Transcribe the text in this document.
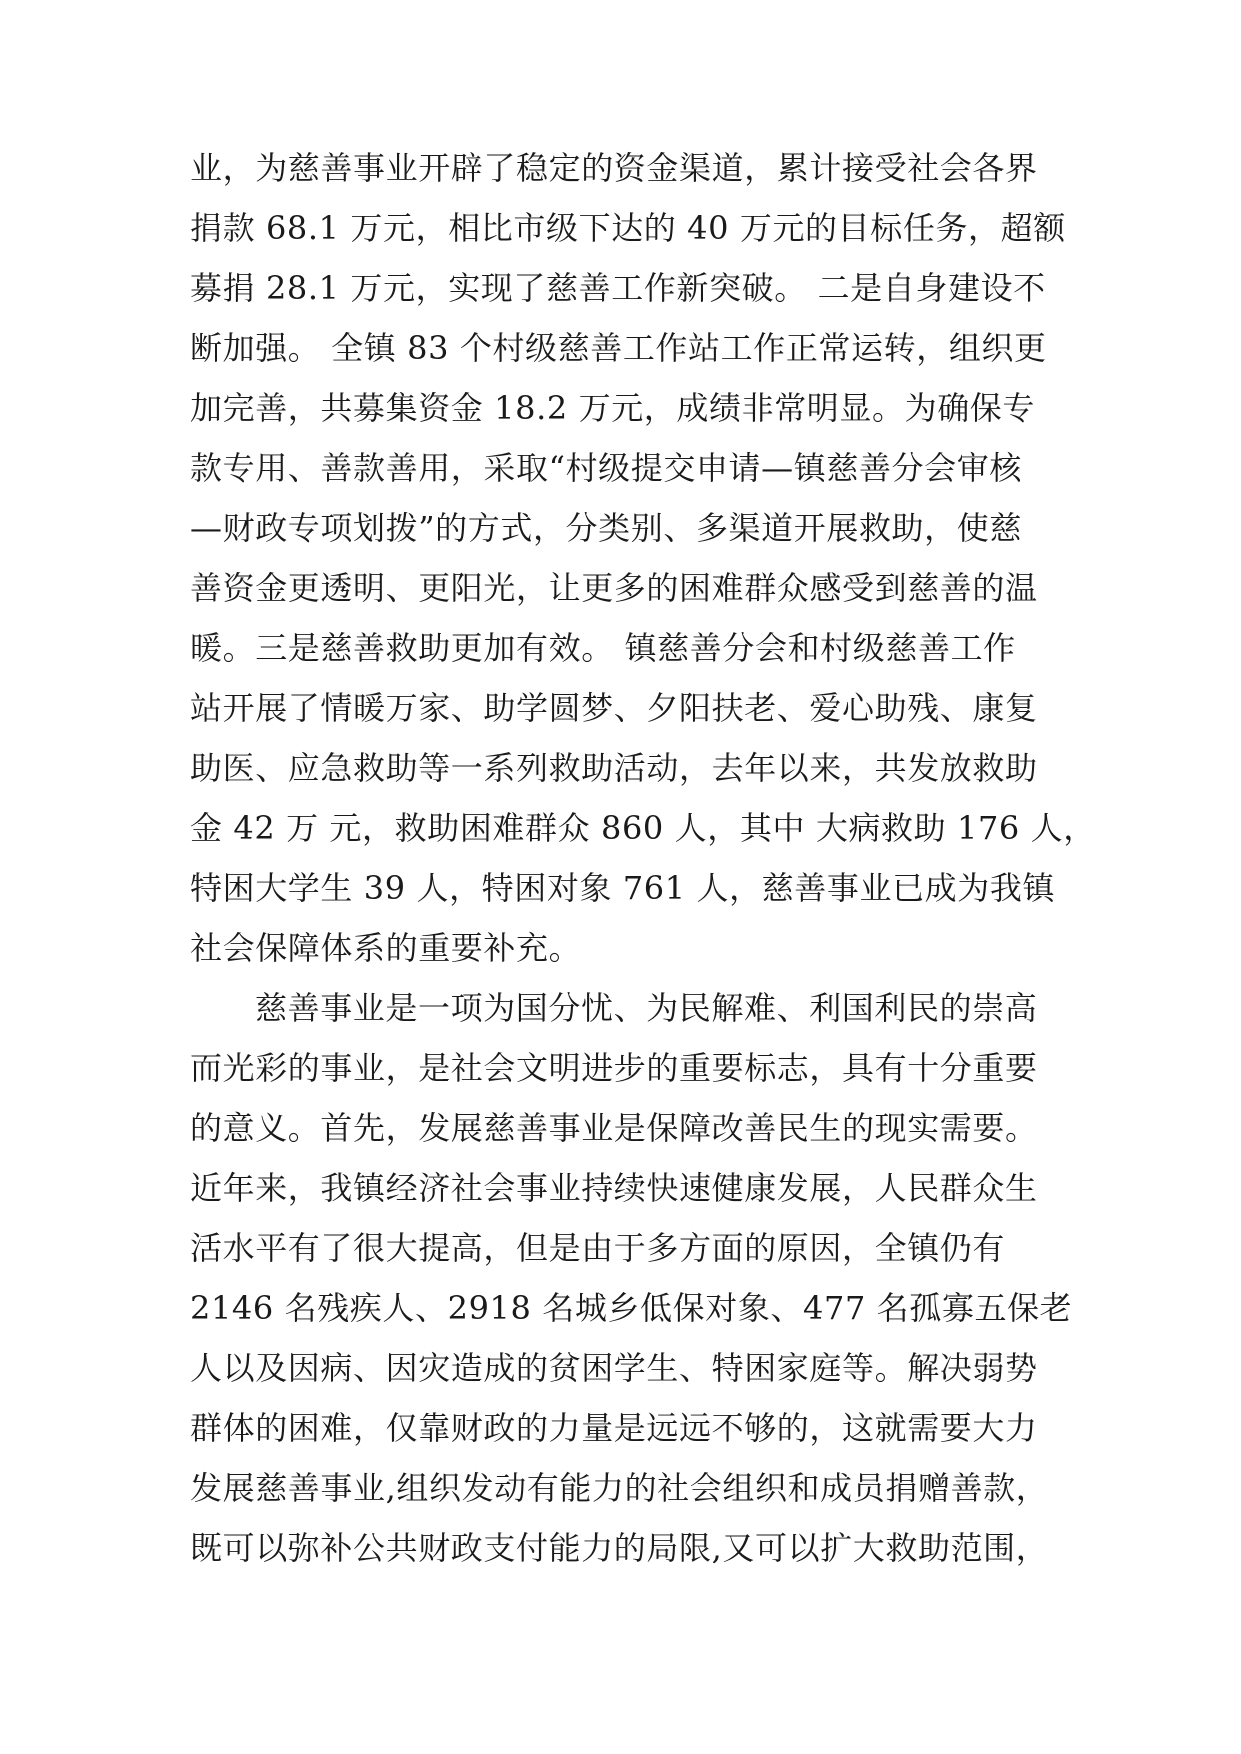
业，为慈善事业开辟了稳定的资金渠道，累计接受社会各界
捐款 68.1 万元，相比市级下达的 40 万元的目标任务，超额
募捐 28.1 万元，实现了慈善工作新突破。 二是自身建设不
断加强。 全镇 83 个村级慈善工作站工作正常运转，组织更
加完善，共募集资金 18.2 万元，成绩非常明显。为确保专
款专用、善款善用，采取“村级提交申请—镇慈善分会审核
—财政专项划拨”的方式，分类别、多渠道开展救助，使慈
善资金更透明、更阳光，让更多的困难群众感受到慈善的温
暖。三是慈善救助更加有效。 镇慈善分会和村级慈善工作
站开展了情暖万家、助学圆梦、夕阳扶老、爱心助残、康复
助医、应急救助等一系列救助活动，去年以来，共发放救助
金 42 万 元，救助困难群众 860 人，其中 大病救助 176 人，
特困大学生 39 人，特困对象 761 人，慈善事业已成为我镇
社会保障体系的重要补充。
慈善事业是一项为国分忧、为民解难、利国利民的崇高
而光彩的事业，是社会文明进步的重要标志，具有十分重要
的意义。首先，发展慈善事业是保障改善民生的现实需要。
近年来，我镇经济社会事业持续快速健康发展，人民群众生
活水平有了很大提高，但是由于多方面的原因，全镇仍有
2146 名残疾人、2918 名城乡低保对象、477 名孤寡五保老
人以及因病、因灾造成的贫困学生、特困家庭等。解决弱势
群体的困难，仅靠财政的力量是远远不够的，这就需要大力
发展慈善事业,组织发动有能力的社会组织和成员捐赠善款，
既可以弥补公共财政支付能力的局限,又可以扩大救助范围，
